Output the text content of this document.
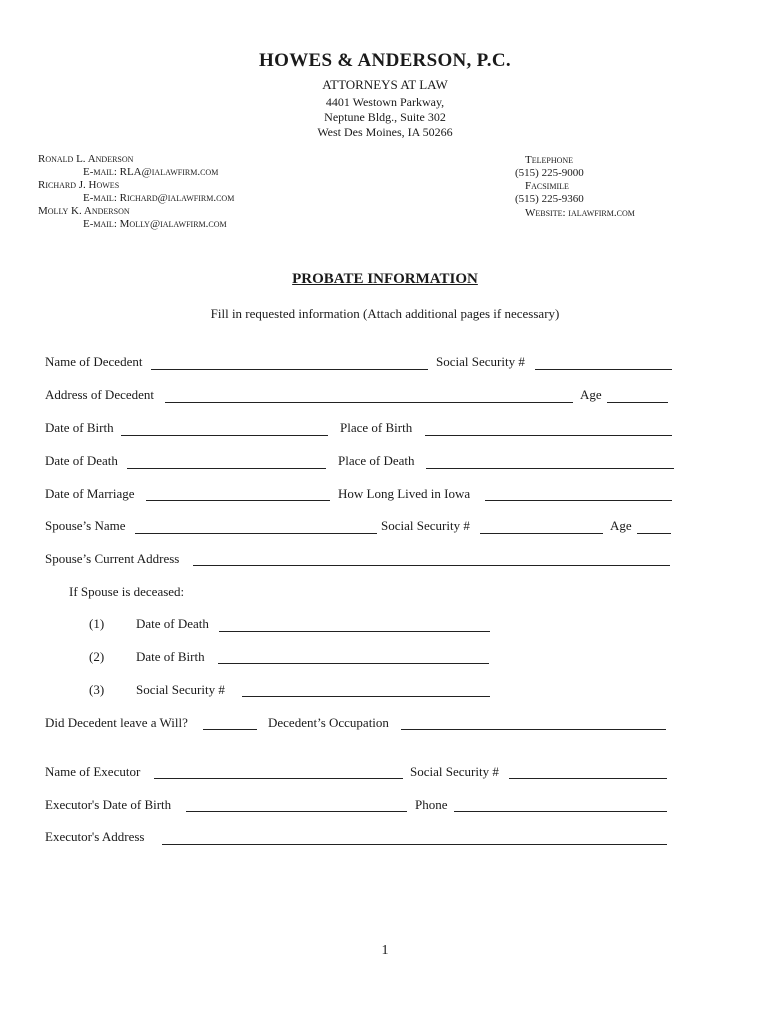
HOWES & ANDERSON, P.C.
ATTORNEYS AT LAW
4401 Westown Parkway,
Neptune Bldg., Suite 302
West Des Moines, IA 50266
Ronald L. Anderson
E-mail: RLA@ialawfirm.com
Richard J. Howes
E-mail: Richard@ialawfirm.com
Molly K. Anderson
E-mail: Molly@ialawfirm.com
Telephone
(515) 225-9000
Facsimile
(515) 225-9360
Website: ialawfirm.com
PROBATE INFORMATION
Fill in requested information (Attach additional pages if necessary)
Name of Decedent	Social Security #
Address of Decedent	Age
Date of Birth	Place of Birth
Date of Death	Place of Death
Date of Marriage	How Long Lived in Iowa
Spouse’s Name	Social Security #	Age
Spouse’s Current Address
If Spouse is deceased:
(1) Date of Death
(2) Date of Birth
(3) Social Security #
Did Decedent leave a Will?	Decedent’s Occupation
Name of Executor	Social Security #
Executor's Date of Birth	Phone
Executor's Address
1
